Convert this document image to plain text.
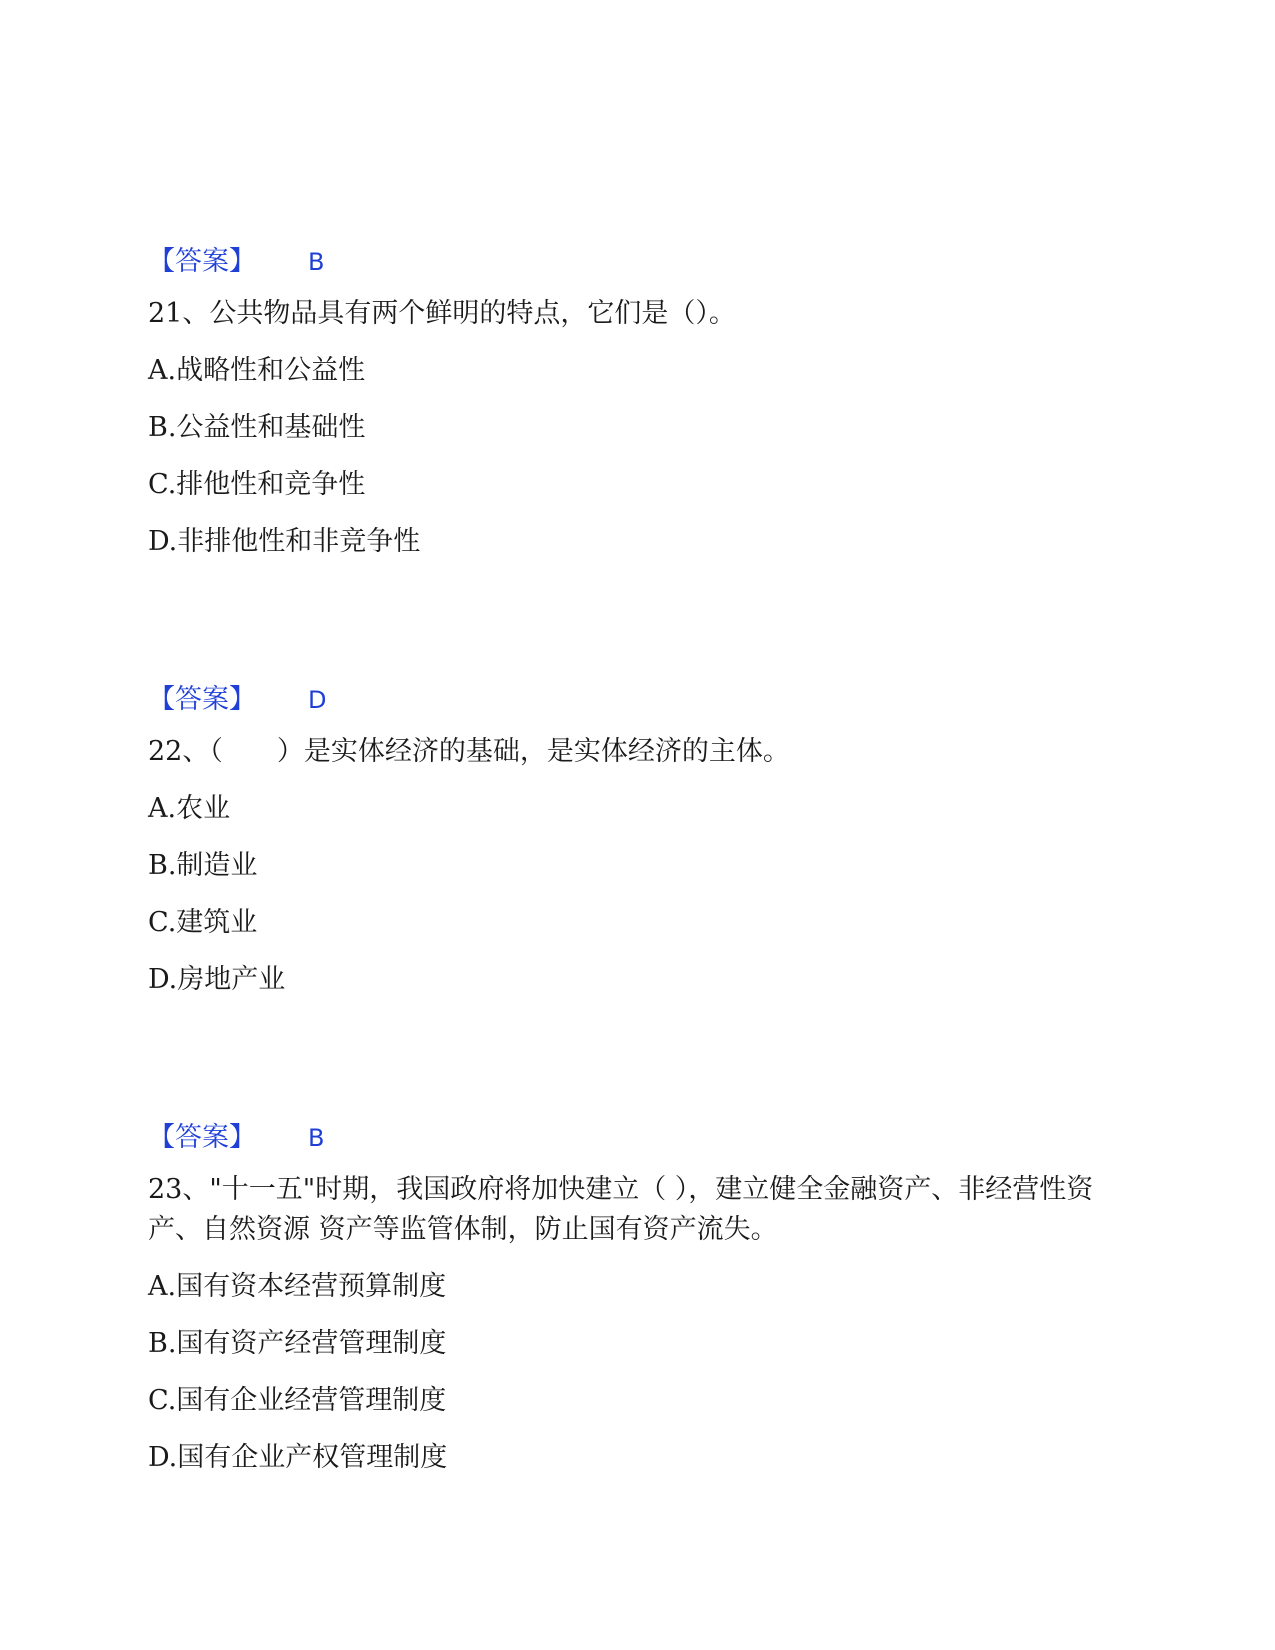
【答案】 B
21、公共物品具有两个鲜明的特点，它们是（）。
A.战略性和公益性
B.公益性和基础性
C.排他性和竞争性
D.非排他性和非竞争性
【答案】 D
22、（　　）是实体经济的基础，是实体经济的主体。
A.农业
B.制造业
C.建筑业
D.房地产业
【答案】 B
23、"十一五"时期，我国政府将加快建立（ ），建立健全金融资产、非经营性资产、自然资源 资产等监管体制，防止国有资产流失。
A.国有资本经营预算制度
B.国有资产经营管理制度
C.国有企业经营管理制度
D.国有企业产权管理制度
